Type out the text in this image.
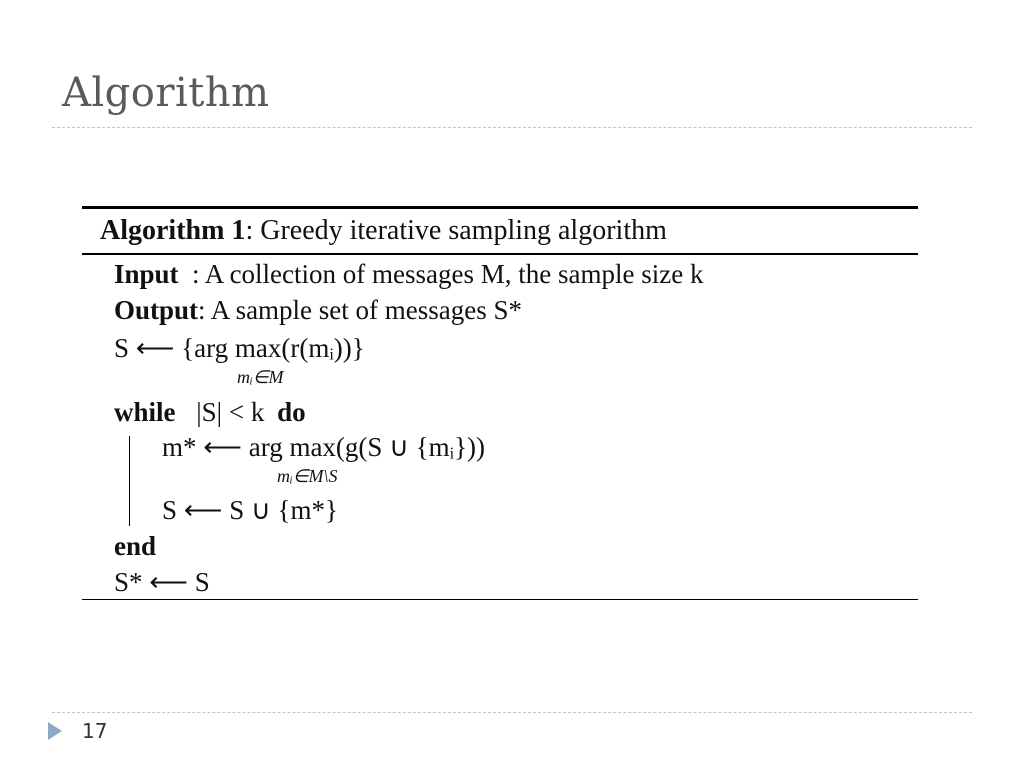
Algorithm
Algorithm 1: Greedy iterative sampling algorithm
Input  : A collection of messages M, the sample size k
Output: A sample set of messages S*
S ⟵ {arg max(r(mᵢ))}
mᵢ∈M
while |S| < k do
m* ⟵ arg max(g(S ∪ {mᵢ}))
mᵢ∈M\S
S ⟵ S ∪ {m*}
end
S* ⟵ S
17
